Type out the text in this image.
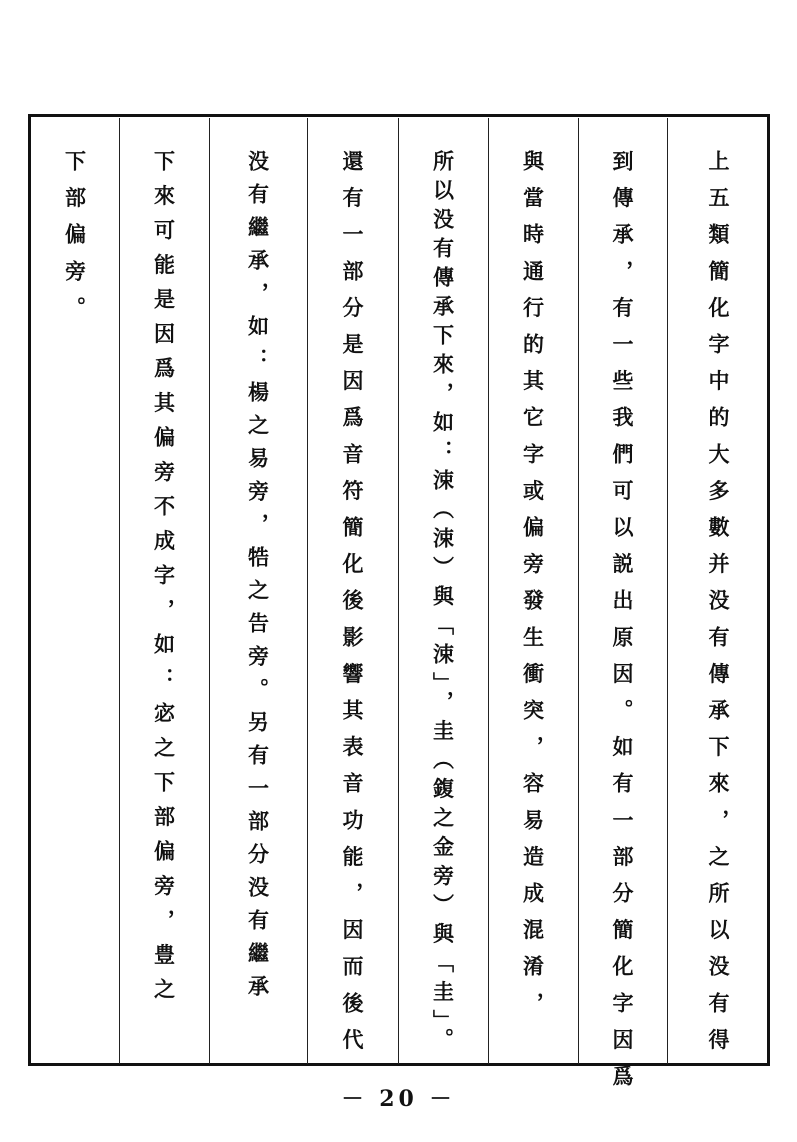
上五類簡化字中的大多數并没有傳承下來，之所以没有得
到傳承，有一些我們可以説出原因。如有一部分簡化字因爲
與當時通行的其它字或偏旁發生衝突，容易造成混淆，
所以没有傳承下來，如：涑（涑）與「涑」，圭（鍑之金旁）與「圭」。
還有一部分是因爲音符簡化後影響其表音功能，因而後代
没有繼承，如：楊之易旁，牿之告旁。另有一部分没有繼承
下來可能是因爲其偏旁不成字，如：宓之下部偏旁，豊之
下部偏旁。
－ 20 －
